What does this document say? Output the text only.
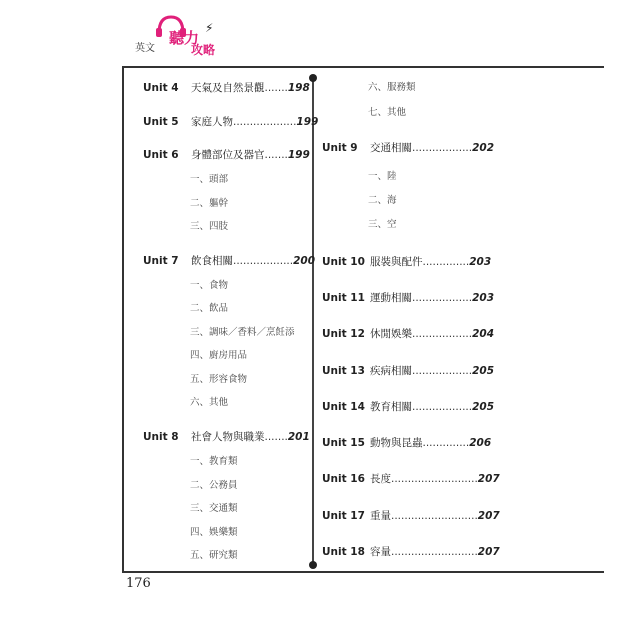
英文
聽力
⚡
攻略
Unit 4 天氣及自然景觀.......198
Unit 5 家庭人物...................199
Unit 6 身體部位及器官.......199
一、頭部
二、軀幹
三、四肢
Unit 7 飲食相關..................200
一、食物
二、飲品
三、調味／香料／烹飪添
四、廚房用品
五、形容食物
六、其他
Unit 8 社會人物與職業.......201
一、教育類
二、公務員
三、交通類
四、娛樂類
五、研究類
六、服務類
七、其他
Unit 9 交通相關..................202
一、陸
二、海
三、空
Unit 10 服裝與配件..............203
Unit 11 運動相關..................203
Unit 12 休閒娛樂..................204
Unit 13 疾病相關..................205
Unit 14 教育相關..................205
Unit 15 動物與昆蟲..............206
Unit 16 長度..........................207
Unit 17 重量..........................207
Unit 18 容量..........................207
176
